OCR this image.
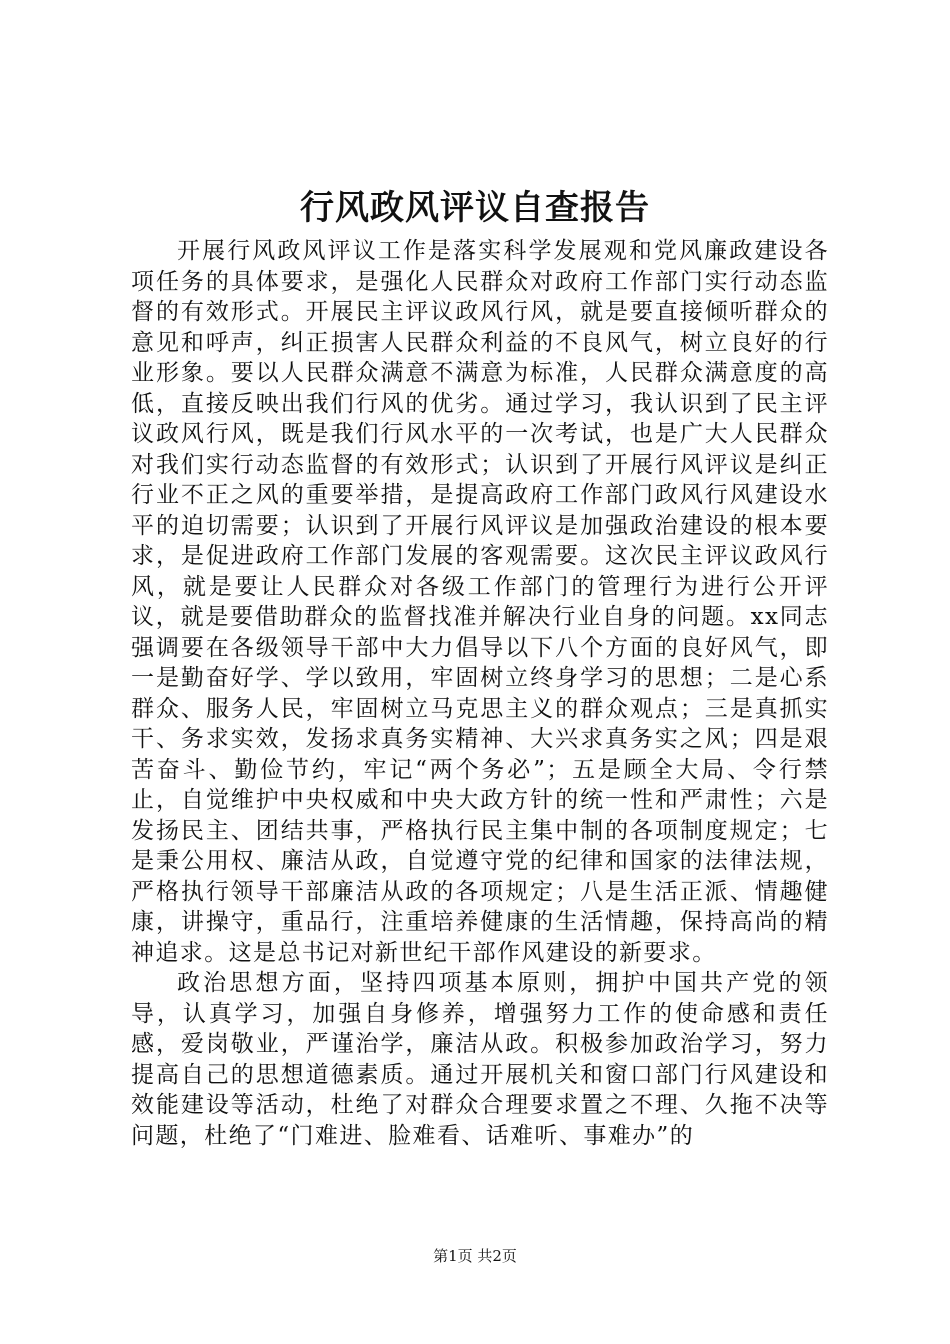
行风政风评议自查报告

开展行风政风评议工作是落实科学发展观和党风廉政建设各项任务的具体要求，是强化人民群众对政府工作部门实行动态监督的有效形式。开展民主评议政风行风，就是要直接倾听群众的意见和呼声，纠正损害人民群众利益的不良风气，树立良好的行业形象。要以人民群众满意不满意为标准，人民群众满意度的高低，直接反映出我们行风的优劣。通过学习，我认识到了民主评议政风行风，既是我们行风水平的一次考试，也是广大人民群众对我们实行动态监督的有效形式；认识到了开展行风评议是纠正行业不正之风的重要举措，是提高政府工作部门政风行风建设水平的迫切需要；认识到了开展行风评议是加强政治建设的根本要求，是促进政府工作部门发展的客观需要。这次民主评议政风行风，就是要让人民群众对各级工作部门的管理行为进行公开评议，就是要借助群众的监督找准并解决行业自身的问题。xx同志强调要在各级领导干部中大力倡导以下八个方面的良好风气，即一是勤奋好学、学以致用，牢固树立终身学习的思想；二是心系群众、服务人民，牢固树立马克思主义的群众观点；三是真抓实干、务求实效，发扬求真务实精神、大兴求真务实之风；四是艰苦奋斗、勤俭节约，牢记“两个务必”；五是顾全大局、令行禁止，自觉维护中央权威和中央大政方针的统一性和严肃性；六是发扬民主、团结共事，严格执行民主集中制的各项制度规定；七是秉公用权、廉洁从政，自觉遵守党的纪律和国家的法律法规，严格执行领导干部廉洁从政的各项规定；八是生活正派、情趣健康，讲操守，重品行，注重培养健康的生活情趣，保持高尚的精神追求。这是总书记对新世纪干部作风建设的新要求。

政治思想方面，坚持四项基本原则，拥护中国共产党的领导，认真学习，加强自身修养，增强努力工作的使命感和责任感，爱岗敬业，严谨治学，廉洁从政。积极参加政治学习，努力提高自己的思想道德素质。通过开展机关和窗口部门行风建设和效能建设等活动，杜绝了对群众合理要求置之不理、久拖不决等问题，杜绝了“门难进、脸难看、话难听、事难办”的

第1页 共2页
